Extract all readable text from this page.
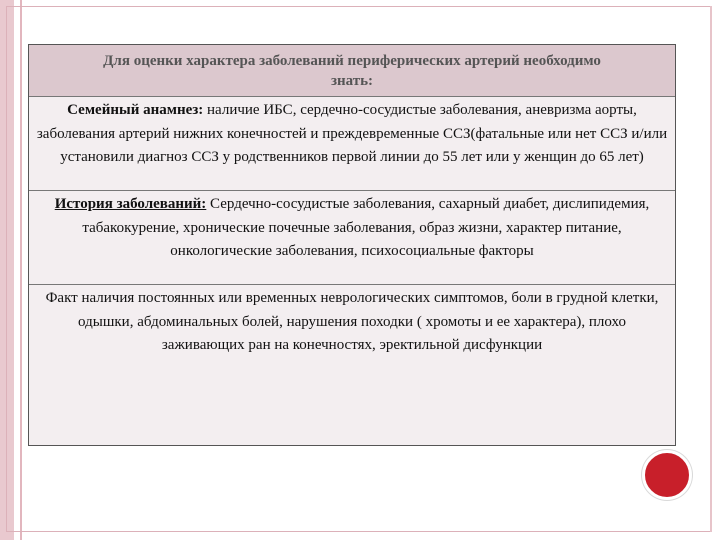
Для оценки характера заболеваний периферических артерий необходимо
знать:
Семейный анамнез: наличие ИБС, сердечно-сосудистые заболевания, аневризма аорты, заболевания артерий нижних конечностей и преждевременные ССЗ(фатальные или нет ССЗ и/или установили диагноз ССЗ у родственников первой линии до 55 лет или у женщин до 65 лет)
История заболеваний: Сердечно-сосудистые заболевания, сахарный диабет, дислипидемия, табакокурение, хронические почечные заболевания, образ жизни, характер питание, онкологические заболевания, психосоциальные факторы
Факт наличия постоянных или временных неврологических симптомов, боли в грудной клетки, одышки, абдоминальных болей, нарушения походки ( хромоты и ее характера), плохо заживающих ран на конечностях, эректильной дисфункции
